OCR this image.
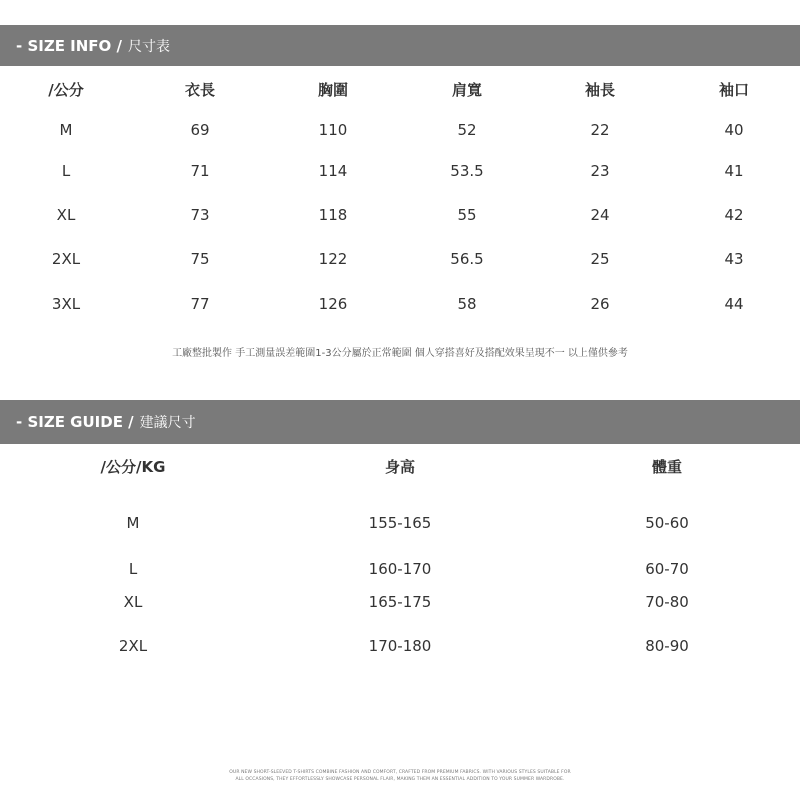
- SIZE INFO / 尺寸表
/公分	衣長	胸圍	肩寬	袖長	袖口
M	69	110	52	22	40
L	71	114	53.5	23	41
XL	73	118	55	24	42
2XL	75	122	56.5	25	43
3XL	77	126	58	26	44
工廠整批製作 手工測量誤差範圍1-3公分屬於正常範圍 個人穿搭喜好及搭配效果呈現不一 以上僅供參考
- SIZE GUIDE / 建議尺寸
/公分/KG	身高	體重
M	155-165	50-60
L	160-170	60-70
XL	165-175	70-80
2XL	170-180	80-90
OUR NEW SHORT-SLEEVED T-SHIRTS COMBINE FASHION AND COMFORT, CRAFTED FROM PREMIUM FABRICS. WITH VARIOUS STYLES SUITABLE FOR
ALL OCCASIONS, THEY EFFORTLESSLY SHOWCASE PERSONAL FLAIR, MAKING THEM AN ESSENTIAL ADDITION TO YOUR SUMMER WARDROBE.
